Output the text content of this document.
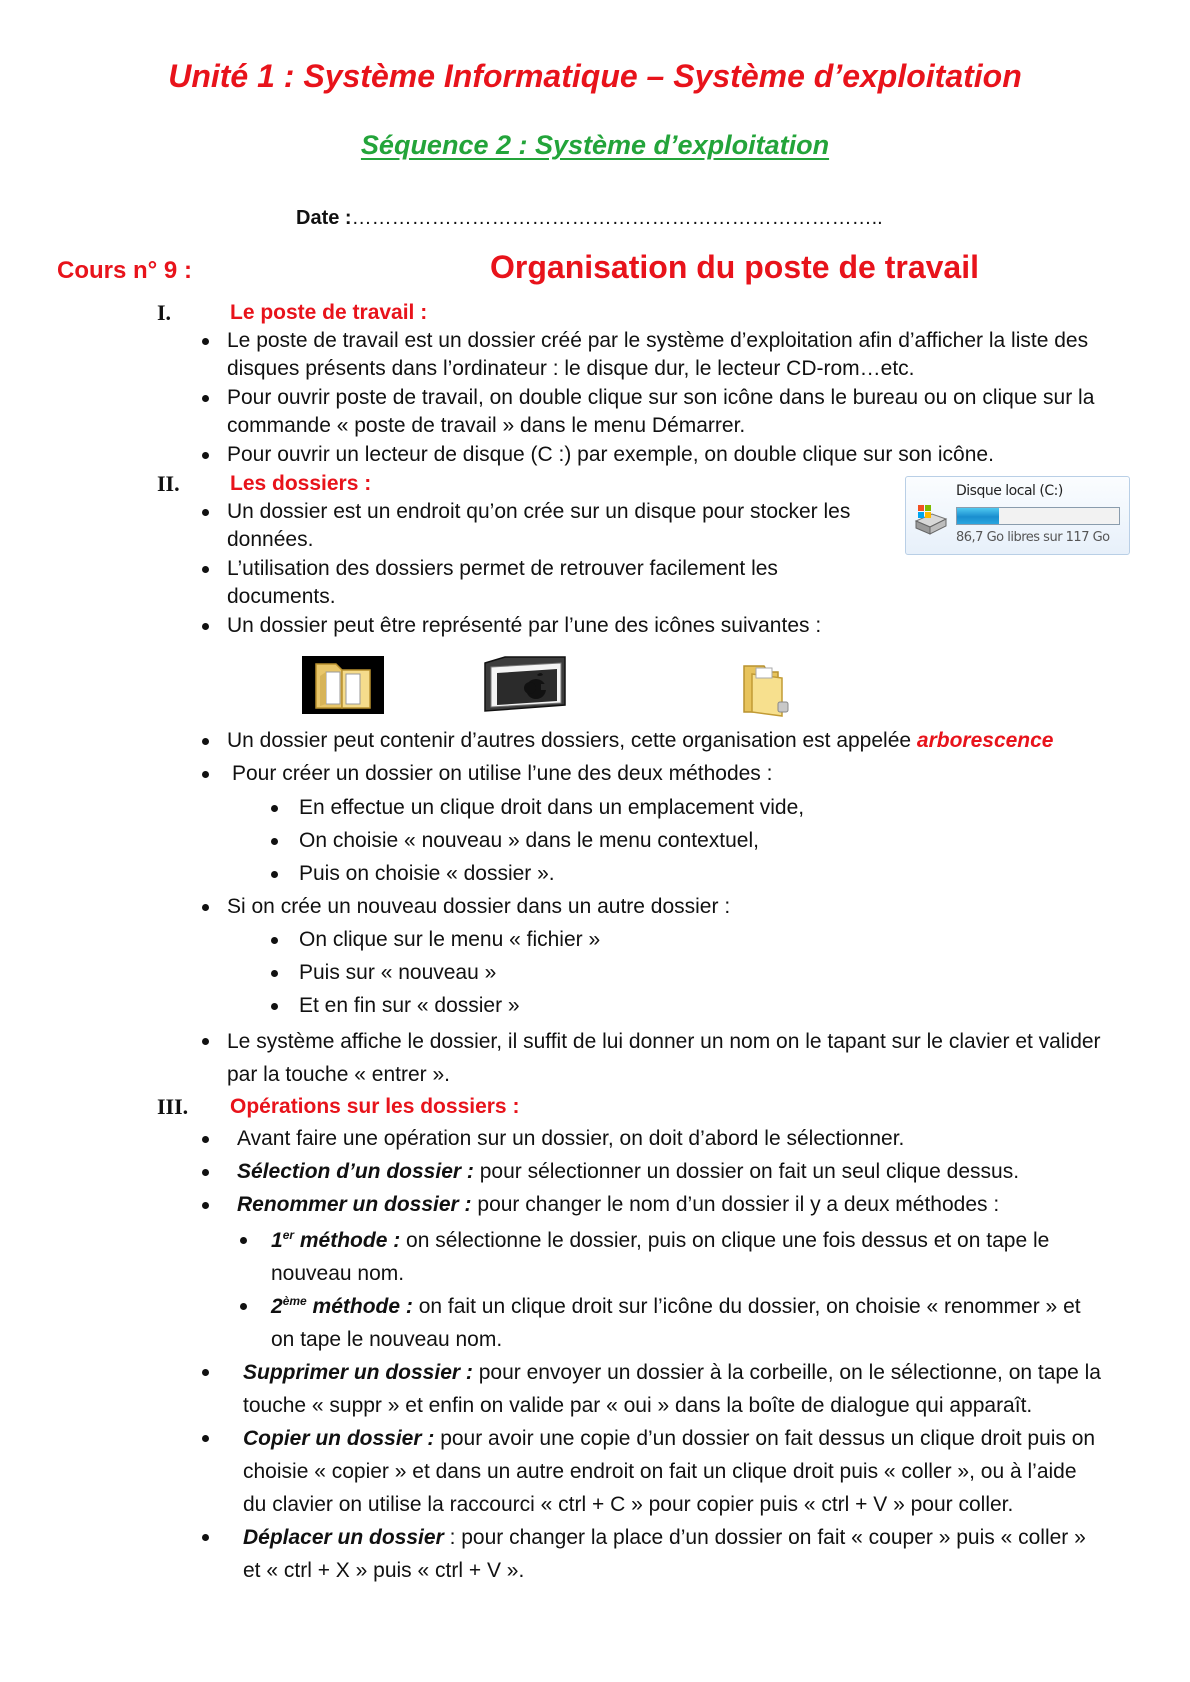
Unité 1 : Système Informatique – Système d’exploitation

Séquence 2 : Système d’exploitation

Date :……………………………………………………………………..

Cours n° 9 :	Organisation du poste de travail

I.	Le poste de travail :
Le poste de travail est un dossier créé par le système d’exploitation afin d’afficher la liste des
disques présents dans l’ordinateur : le disque dur, le lecteur CD-rom…etc.
Pour ouvrir poste de travail, on double clique sur son icône dans le bureau ou on clique sur la
commande « poste de travail » dans le menu Démarrer.
Pour ouvrir un lecteur de disque (C :) par exemple, on double clique sur son icône.
II. Les dossiers :	Disque local (C:)
86,7 Go libres sur 117 Go
Un dossier est un endroit qu’on crée sur un disque pour stocker les
données.
L’utilisation des dossiers permet de retrouver facilement les
documents.
Un dossier peut être représenté par l’une des icônes suivantes :
Un dossier peut contenir d’autres dossiers, cette organisation est appelée arborescence
Pour créer un dossier on utilise l’une des deux méthodes :
En effectue un clique droit dans un emplacement vide,
On choisie « nouveau » dans le menu contextuel,
Puis on choisie « dossier ».
Si on crée un nouveau dossier dans un autre dossier :
On clique sur le menu « fichier »
Puis sur « nouveau »
Et en fin sur « dossier »
Le système affiche le dossier, il suffit de lui donner un nom on le tapant sur le clavier et valider
par la touche « entrer ».
III. Opérations sur les dossiers :
Avant faire une opération sur un dossier, on doit d’abord le sélectionner.
Sélection d’un dossier : pour sélectionner un dossier on fait un seul clique dessus.
Renommer un dossier : pour changer le nom d’un dossier il y a deux méthodes :
1er méthode : on sélectionne le dossier, puis on clique une fois dessus et on tape le
nouveau nom.
2ème méthode : on fait un clique droit sur l’icône du dossier, on choisie « renommer » et
on tape le nouveau nom.
Supprimer un dossier : pour envoyer un dossier à la corbeille, on le sélectionne, on tape la
touche « suppr » et enfin on valide par « oui » dans la boîte de dialogue qui apparaît.
Copier un dossier : pour avoir une copie d’un dossier on fait dessus un clique droit puis on
choisie « copier » et dans un autre endroit on fait un clique droit puis « coller », ou à l’aide
du clavier on utilise la raccourci « ctrl + C » pour copier puis « ctrl + V » pour coller.
Déplacer un dossier : pour changer la place d’un dossier on fait « couper » puis « coller »
et « ctrl + X » puis « ctrl + V ».
